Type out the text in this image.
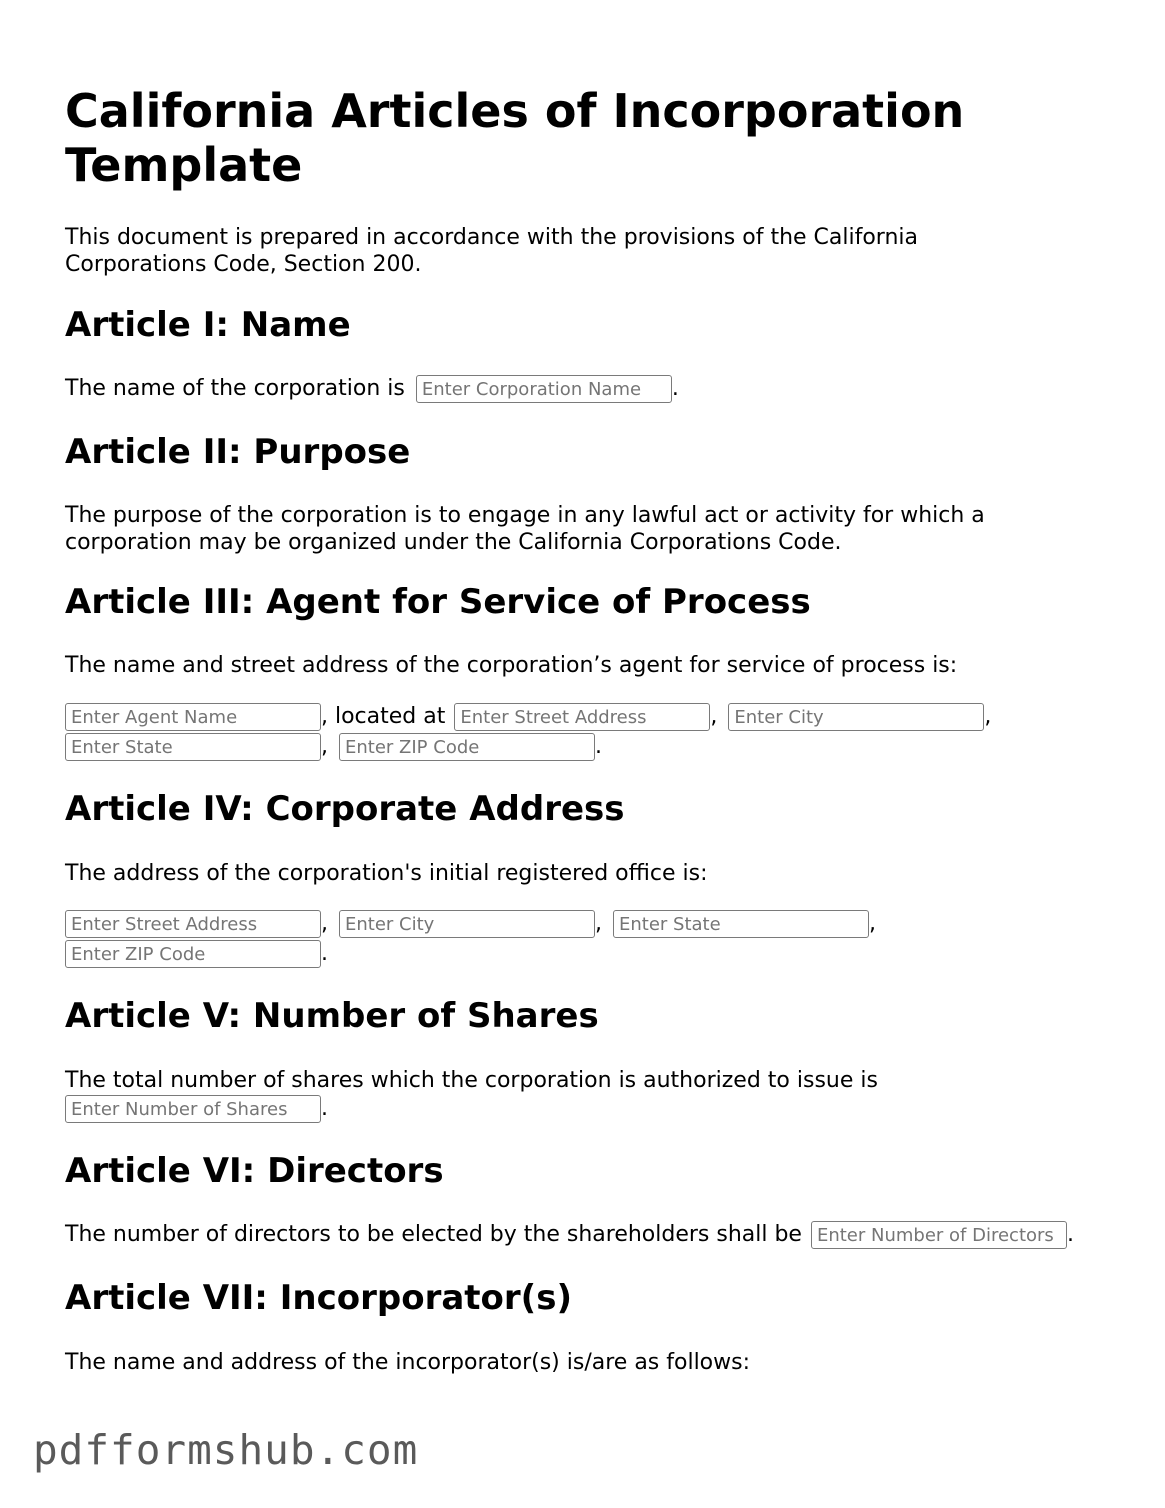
California Articles of Incorporation Template

This document is prepared in accordance with the provisions of the California Corporations Code, Section 200.

Article I: Name
The name of the corporation is Enter Corporation Name	.
Article II: Purpose

The purpose of the corporation is to engage in any lawful act or activity for which a corporation may be organized under the California Corporations Code.

Article III: Agent for Service of Process

The name and street address of the corporation’s agent for service of process is:

Enter Agent Name, located at Enter Street Address	, Enter City	,
Enter State, Enter ZIP Code	.
Article IV: Corporate Address

The address of the corporation's initial registered office is:

Enter Street Address, Enter City	, Enter State	,
Enter ZIP Code.
Article V: Number of Shares

The total number of shares which the corporation is authorized to issue is

Enter Number of Shares.
Article VI: Directors
The number of directors to be elected by the shareholders shall be Enter Number of Directors	.
Article VII: Incorporator(s)

The name and address of the incorporator(s) is/are as follows:

pdfformshub.com
